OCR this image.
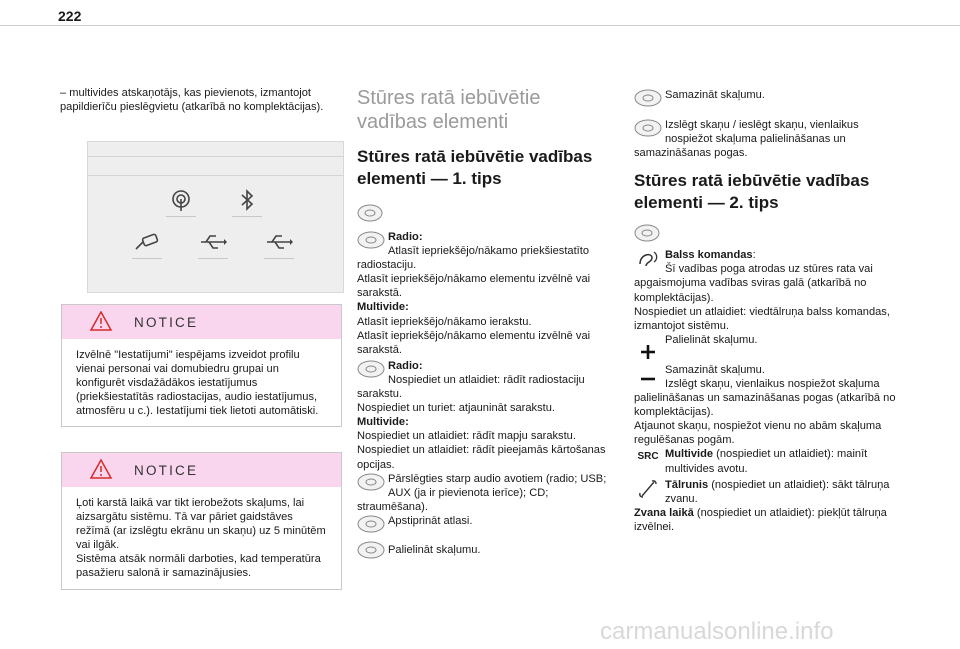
222

– multivides atskaņotājs, kas pievienots, izmantojot papildierīču pieslēgvietu (atkarībā no komplektācijas).

NOTICE
Izvēlnē "Iestatījumi" iespējams izveidot profilu vienai personai vai domubiedru grupai un konfigurēt visdažādākos iestatījumus (priekšiestatītās radiostacijas, audio iestatījumus, atmosfēru u c.). Iestatījumi tiek lietoti automātiski.
NOTICE
Ļoti karstā laikā var tikt ierobežots skaļums, lai aizsargātu sistēmu. Tā var pāriet gaidstāves režīmā (ar izslēgtu ekrānu un skaņu) uz 5 minūtēm vai ilgāk.
Sistēma atsāk normāli darboties, kad temperatūra pasažieru salonā ir samazinājusies.
Stūres ratā iebūvētie vadības elementi
Stūres ratā iebūvētie vadības elementi — 1. tips
Radio:
Atlasīt iepriekšējo/nākamo priekšiestatīto radiostaciju.
Atlasīt iepriekšējo/nākamo elementu izvēlnē vai sarakstā.
Multivide:
Atlasīt iepriekšējo/nākamo ierakstu.
Atlasīt iepriekšējo/nākamo elementu izvēlnē vai sarakstā.
Radio:
Nospiediet un atlaidiet: rādīt radiostaciju sarakstu.
Nospiediet un turiet: atjaunināt sarakstu.
Multivide:
Nospiediet un atlaidiet: rādīt mapju sarakstu.
Nospiediet un atlaidiet: rādīt pieejamās kārtošanas opcijas.
Pārslēgties starp audio avotiem (radio; USB; AUX (ja ir pievienota ierīce); CD; straumēšana).
Apstiprināt atlasi.
Palielināt skaļumu.
Samazināt skaļumu.
Izslēgt skaņu / ieslēgt skaņu, vienlaikus nospiežot skaļuma palielināšanas un samazināšanas pogas.
Stūres ratā iebūvētie vadības elementi — 2. tips
Balss komandas:
Šī vadības poga atrodas uz stūres rata vai apgaismojuma vadības sviras galā (atkarībā no komplektācijas).
Nospiediet un atlaidiet: viedtālruņa balss komandas, izmantojot sistēmu.
Palielināt skaļumu.
Samazināt skaļumu.
Izslēgt skaņu, vienlaikus nospiežot skaļuma palielināšanas un samazināšanas pogas (atkarībā no komplektācijas).
Atjaunot skaņu, nospiežot vienu no abām skaļuma regulēšanas pogām.
SRC Multivide (nospiediet un atlaidiet): mainīt multivides avotu.
Tālrunis (nospiediet un atlaidiet): sākt tālruņa zvanu.
Zvana laikā (nospiediet un atlaidiet): piekļūt tālruņa izvēlnei.
carmanualsonline.info
